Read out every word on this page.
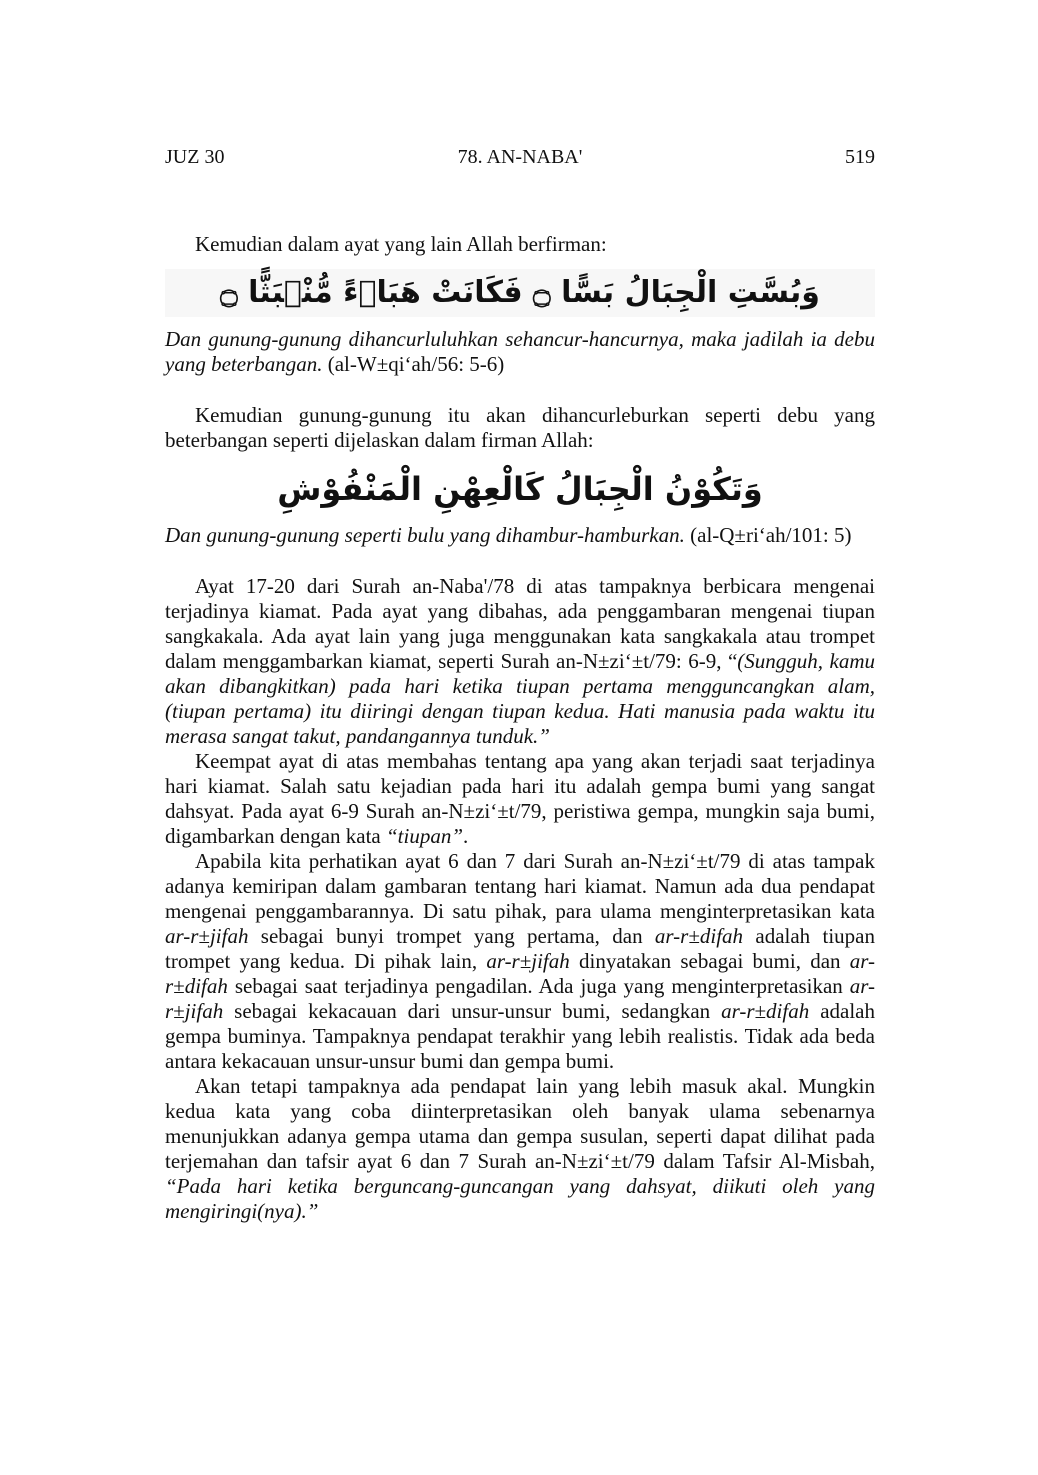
JUZ 30	78. AN-NABA'	519

Kemudian dalam ayat yang lain Allah berfirman:

وَبُسَّتِ الْجِبَالُ بَسًّا ۝ فَكَانَتْ هَبَاۤءً مُّنْۢبَثًّا ۝

Dan gunung-gunung dihancurluluhkan sehancur-hancurnya, maka jadilah ia debu yang beterbangan. (al-W±qi‘ah/56: 5-6)

Kemudian gunung-gunung itu akan dihancurleburkan seperti debu yang beterbangan seperti dijelaskan dalam firman Allah:

وَتَكُوْنُ الْجِبَالُ كَالْعِهْنِ الْمَنْفُوْشِ

Dan gunung-gunung seperti bulu yang dihambur-hamburkan. (al-Q±ri‘ah/101: 5)

Ayat 17-20 dari Surah an-Naba'/78 di atas tampaknya berbicara mengenai terjadinya kiamat. Pada ayat yang dibahas, ada penggambaran mengenai tiupan sangkakala. Ada ayat lain yang juga menggunakan kata sangkakala atau trompet dalam menggambarkan kiamat, seperti Surah an-N±zi‘±t/79: 6-9, “(Sungguh, kamu akan dibangkitkan) pada hari ketika tiupan pertama mengguncangkan alam, (tiupan pertama) itu diiringi dengan tiupan kedua. Hati manusia pada waktu itu merasa sangat takut, pandangannya tunduk.”

Keempat ayat di atas membahas tentang apa yang akan terjadi saat terjadinya hari kiamat. Salah satu kejadian pada hari itu adalah gempa bumi yang sangat dahsyat. Pada ayat 6-9 Surah an-N±zi‘±t/79, peristiwa gempa, mungkin saja bumi, digambarkan dengan kata “tiupan”.

Apabila kita perhatikan ayat 6 dan 7 dari Surah an-N±zi‘±t/79 di atas tampak adanya kemiripan dalam gambaran tentang hari kiamat. Namun ada dua pendapat mengenai penggambarannya. Di satu pihak, para ulama menginterpretasikan kata ar-r±jifah sebagai bunyi trompet yang pertama, dan ar-r±difah adalah tiupan trompet yang kedua. Di pihak lain, ar-r±jifah dinyatakan sebagai bumi, dan ar-r±difah sebagai saat terjadinya pengadilan. Ada juga yang menginterpretasikan ar-r±jifah sebagai kekacauan dari unsur-unsur bumi, sedangkan ar-r±difah adalah gempa buminya. Tampaknya pendapat terakhir yang lebih realistis. Tidak ada beda antara kekacauan unsur-unsur bumi dan gempa bumi.

Akan tetapi tampaknya ada pendapat lain yang lebih masuk akal. Mungkin kedua kata yang coba diinterpretasikan oleh banyak ulama sebenarnya menunjukkan adanya gempa utama dan gempa susulan, seperti dapat dilihat pada terjemahan dan tafsir ayat 6 dan 7 Surah an-N±zi‘±t/79 dalam Tafsir Al-Misbah, “Pada hari ketika berguncang-guncangan yang dahsyat, diikuti oleh yang mengiringi(nya).”
